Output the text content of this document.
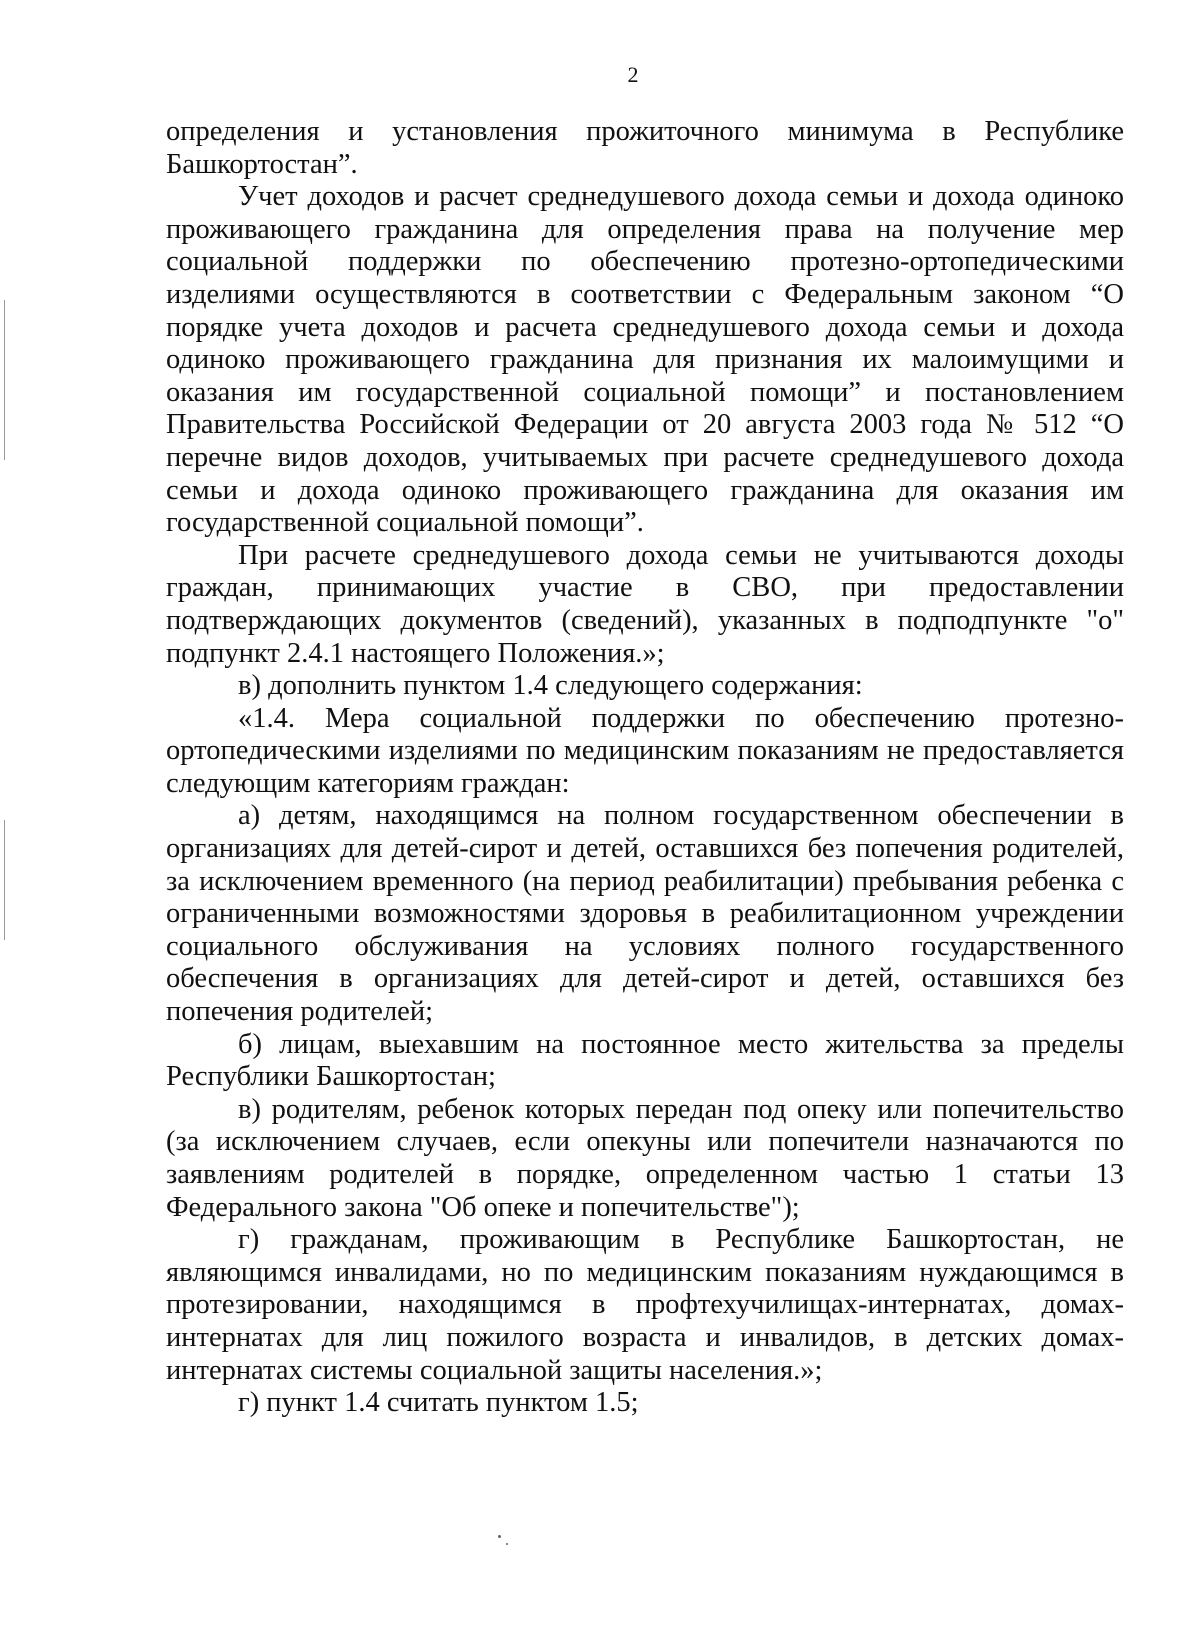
2

определения и установления прожиточного минимума в Республике Башкортостан”.

Учет доходов и расчет среднедушевого дохода семьи и дохода одиноко проживающего гражданина для определения права на получение мер социальной поддержки по обеспечению протезно-ортопедическими изделиями осуществляются в соответствии с Федеральным законом “О порядке учета доходов и расчета среднедушевого дохода семьи и дохода одиноко проживающего гражданина для признания их малоимущими и оказания им государственной социальной помощи” и постановлением Правительства Российской Федерации от 20 августа 2003 года № 512 “О перечне видов доходов, учитываемых при расчете среднедушевого дохода семьи и дохода одиноко проживающего гражданина для оказания им государственной социальной помощи”.

При расчете среднедушевого дохода семьи не учитываются доходы граждан, принимающих участие в СВО, при предоставлении подтверждающих документов (сведений), указанных в подподпункте "о" подпункт 2.4.1 настоящего Положения.»;

в) дополнить пунктом 1.4 следующего содержания:

«1.4. Мера социальной поддержки по обеспечению протезно-ортопедическими изделиями по медицинским показаниям не предоставляется следующим категориям граждан:

а) детям, находящимся на полном государственном обеспечении в организациях для детей-сирот и детей, оставшихся без попечения родителей, за исключением временного (на период реабилитации) пребывания ребенка с ограниченными возможностями здоровья в реабилитационном учреждении социального обслуживания на условиях полного государственного обеспечения в организациях для детей-сирот и детей, оставшихся без попечения родителей;

б) лицам, выехавшим на постоянное место жительства за пределы Республики Башкортостан;

в) родителям, ребенок которых передан под опеку или попечительство (за исключением случаев, если опекуны или попечители назначаются по заявлениям родителей в порядке, определенном частью 1 статьи 13 Федерального закона "Об опеке и попечительстве");

г) гражданам, проживающим в Республике Башкортостан, не являющимся инвалидами, но по медицинским показаниям нуждающимся в протезировании, находящимся в профтехучилищах-интернатах, домах-интернатах для лиц пожилого возраста и инвалидов, в детских домах-интернатах системы социальной защиты населения.»;

г) пункт 1.4 считать пунктом 1.5;
